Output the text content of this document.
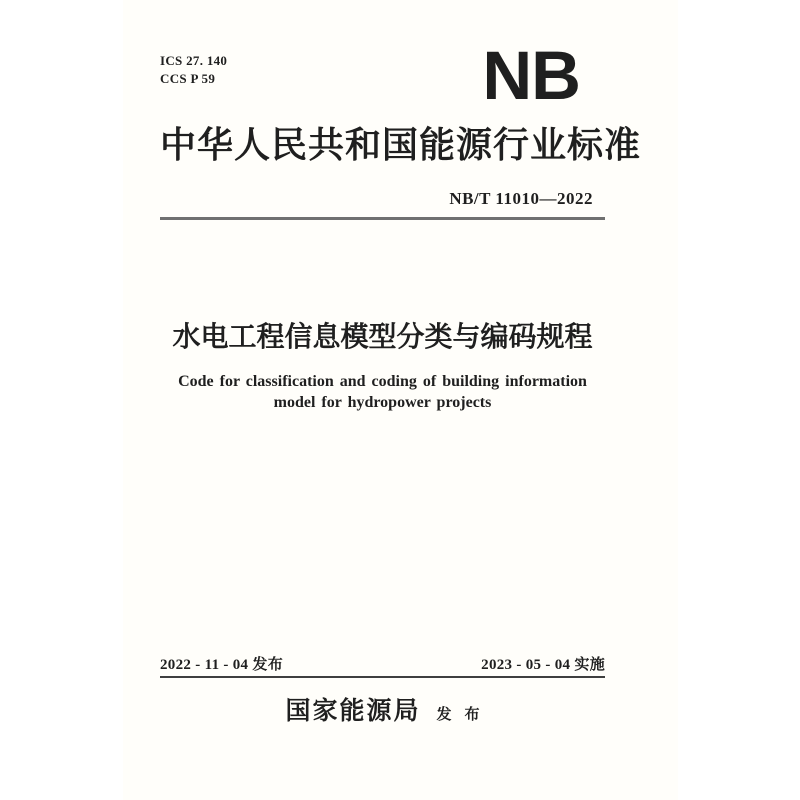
ICS 27. 140
CCS P 59	NB
中华人民共和国能源行业标准
NB/T 11010—2022
水电工程信息模型分类与编码规程
Code for classification and coding of building information
model for hydropower projects
2022 - 11 - 04 发布	2023 - 05 - 04 实施
国家能源局 发布
